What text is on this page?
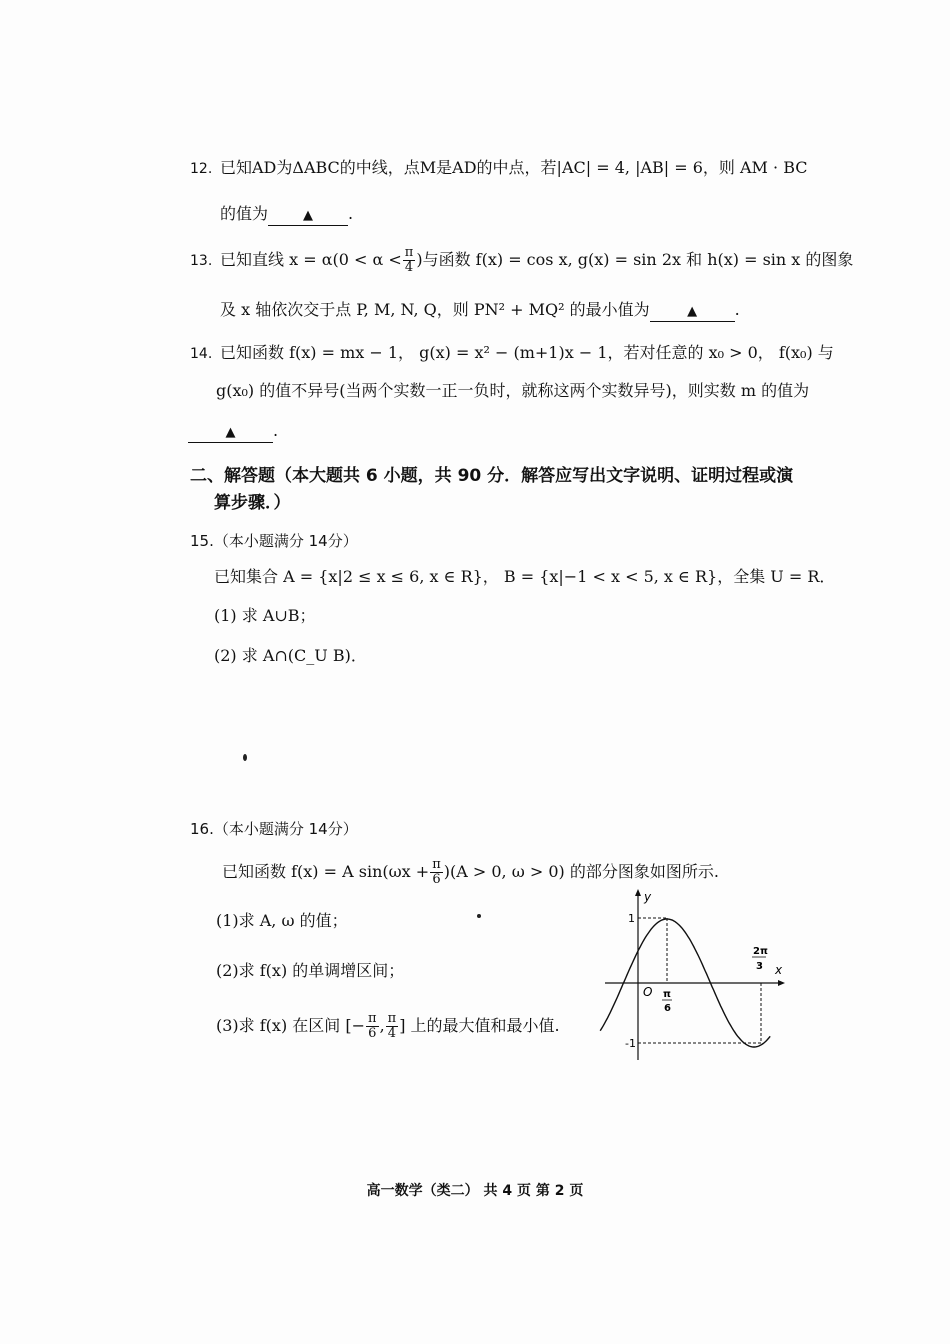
12. 已知AD为ΔABC的中线，点M是AD的中点，若|AC| = 4, |AB| = 6，则 AM · BC
的值为	▲ .
13. 已知直线 $x = \alpha(0 < \alpha < \frac{\pi}{4}$ )与函数 f(x) = cos x, g(x) = sin 2x 和 h(x) = sin x 的图象
及 x 轴依次交于点 P, M, N, Q，则 PN² + MQ² 的最小值为	▲ .
14. 已知函数 f(x) = mx − 1， g(x) = x² − (m+1)x − 1，若对任意的 x₀ > 0， f(x₀) 与
g(x₀) 的值不异号(当两个实数一正一负时，就称这两个实数异号)，则实数 m 的值为
▲ .
二、解答题（本大题共 6 小题，共 90 分．解答应写出文字说明、证明过程或演
算步骤．）
15.（本小题满分 14分）
已知集合 A = {x|2 ≤ x ≤ 6, x ∈ R}， B = {x|−1 < x < 5, x ∈ R}，全集 U = R．
(1) 求 A∪B；
(2) 求 A∩(C_U B)．
16.（本小题满分 14分）
已知函数 f(x) = A $\sin(\omega x + \frac{\pi}{6} )(A > 0$, ω > 0) 的部分图象如图所示.
(1)求 A, ω 的值；
(2)求 f(x) 的单调增区间；
(3)求 f(x) 在区间 [− $\frac{\pi}{6}$ , $\frac{\pi}{4}$ ] 上的最大值和最小值.
y
x
O
1
-1
π
6
2π
3
高一数学（类二） 共 4 页 第 2 页
